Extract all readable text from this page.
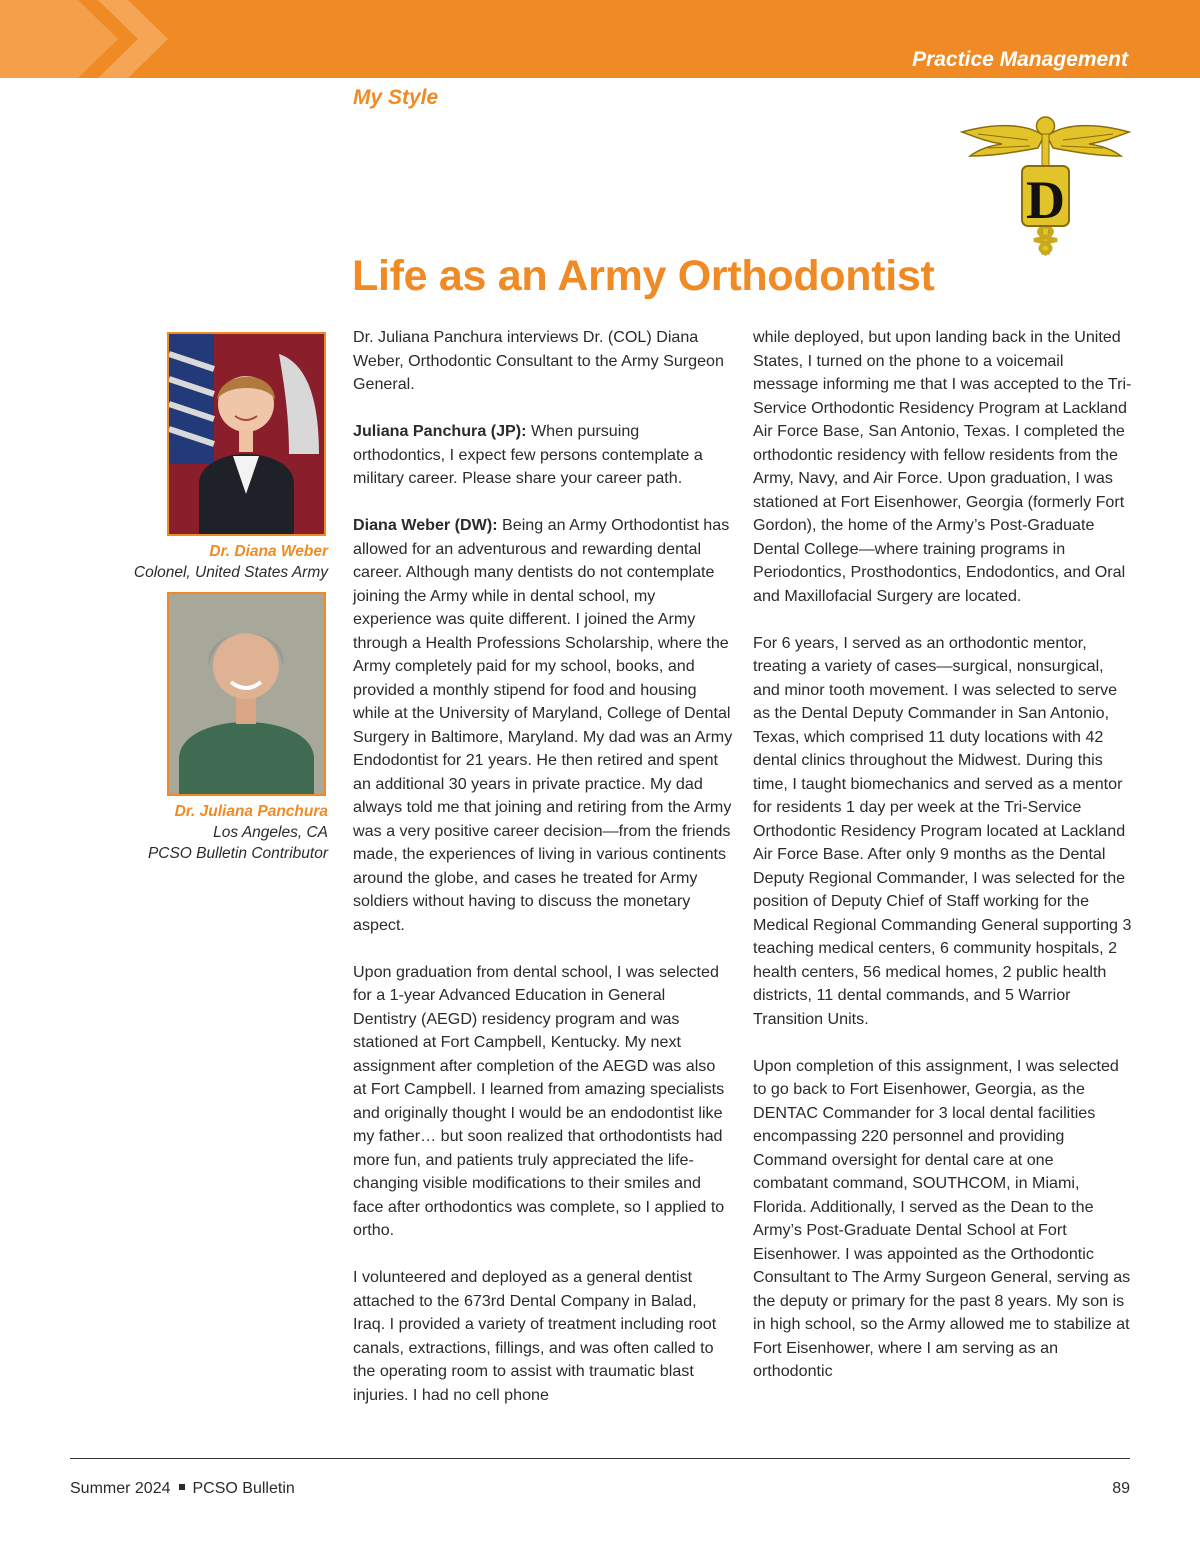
Practice Management
My Style
D
Life as an Army Orthodontist
Dr. Diana Weber
Colonel, United States Army
Dr. Juliana Panchura
Los Angeles, CA
PCSO Bulletin Contributor

Dr. Juliana Panchura interviews Dr. (COL) Diana Weber, Orthodontic Consultant to the Army Surgeon General.

Juliana Panchura (JP): When pursuing orthodontics, I expect few persons contemplate a military career. Please share your career path.

Diana Weber (DW): Being an Army Orthodontist has allowed for an adventurous and rewarding dental career. Although many dentists do not contemplate joining the Army while in dental school, my experience was quite different. I joined the Army through a Health Professions Scholarship, where the Army completely paid for my school, books, and provided a monthly stipend for food and housing while at the University of Maryland, College of Dental Surgery in Baltimore, Maryland. My dad was an Army Endodontist for 21 years. He then retired and spent an additional 30 years in private practice. My dad always told me that joining and retiring from the Army was a very positive career decision—from the friends made, the experiences of living in various continents around the globe, and cases he treated for Army soldiers without having to discuss the monetary aspect.

Upon graduation from dental school, I was selected for a 1-year Advanced Education in General Dentistry (AEGD) residency program and was stationed at Fort Campbell, Kentucky. My next assignment after completion of the AEGD was also at Fort Campbell. I learned from amazing specialists and originally thought I would be an endodontist like my father… but soon realized that orthodontists had more fun, and patients truly appreciated the life-changing visible modifications to their smiles and face after orthodontics was complete, so I applied to ortho.

I volunteered and deployed as a general dentist attached to the 673rd Dental Company in Balad, Iraq. I provided a variety of treatment including root canals, extractions, fillings, and was often called to the operating room to assist with traumatic blast injuries. I had no cell phone

while deployed, but upon landing back in the United States, I turned on the phone to a voicemail message informing me that I was accepted to the Tri-Service Orthodontic Residency Program at Lackland Air Force Base, San Antonio, Texas. I completed the orthodontic residency with fellow residents from the Army, Navy, and Air Force. Upon graduation, I was stationed at Fort Eisenhower, Georgia (formerly Fort Gordon), the home of the Army’s Post-Graduate Dental College—where training programs in Periodontics, Prosthodontics, Endodontics, and Oral and Maxillofacial Surgery are located.

For 6 years, I served as an orthodontic mentor, treating a variety of cases—surgical, nonsurgical, and minor tooth movement. I was selected to serve as the Dental Deputy Commander in San Antonio, Texas, which comprised 11 duty locations with 42 dental clinics throughout the Midwest. During this time, I taught biomechanics and served as a mentor for residents 1 day per week at the Tri-Service Orthodontic Residency Program located at Lackland Air Force Base. After only 9 months as the Dental Deputy Regional Commander, I was selected for the position of Deputy Chief of Staff working for the Medical Regional Commanding General supporting 3 teaching medical centers, 6 community hospitals, 2 health centers, 56 medical homes, 2 public health districts, 11 dental commands, and 5 Warrior Transition Units.

Upon completion of this assignment, I was selected to go back to Fort Eisenhower, Georgia, as the DENTAC Commander for 3 local dental facilities encompassing 220 personnel and providing Command oversight for dental care at one combatant command, SOUTHCOM, in Miami, Florida. Additionally, I served as the Dean to the Army’s Post-Graduate Dental School at Fort Eisenhower. I was appointed as the Orthodontic Consultant to The Army Surgeon General, serving as the deputy or primary for the past 8 years. My son is in high school, so the Army allowed me to stabilize at Fort Eisenhower, where I am serving as an orthodontic

Summer 2024 PCSO Bulletin	89
